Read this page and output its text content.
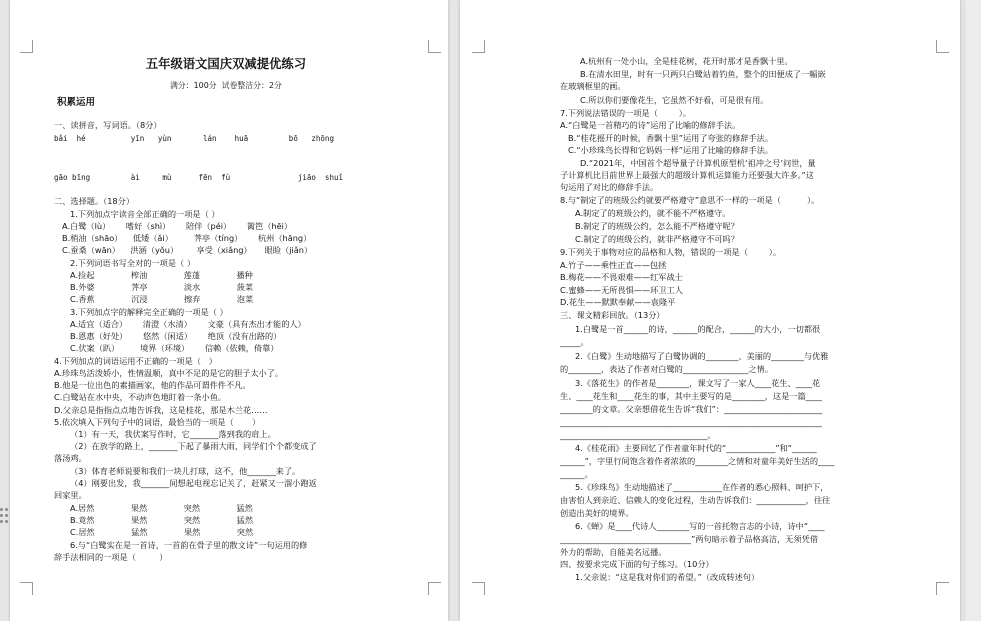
五年级语文国庆双减提优练习
满分：100分  试卷整洁分：2分
积累运用
一、读拼音，写词语。（8分）
bǎi  hé          yīn   yùn       lán    huā         bō   zhōng
gāo bīng         ài     mù      fēn  fù               jiāo  shuǐ
二、选择题。（18分）
1.下列加点字读音全部正确的一项是（ ）
A.白鹭（lù）      嗜好（shì）      陪伴（péi）      篱笆（hēi）
B.梢油（shāo）    低矮（ǎi）        荠亭（tíng）      杭州（hāng）
C.蚕桑（wān）    洪涵（yǒu）       享受（xiǎng）     眼睑（jiǎn）
2.下列词语书写全对的一项是（ ）
A.捡起              榨油              莲蓬              播种
B.外婆              荠亭              淡水              菠菜
C.香蕉              沉浸              擦弃              泡菜
3.下列加点字的解释完全正确的一项是（ ）
A.适宜（适合）      清澄（水清）      文豪（具有杰出才能的人）
B.恩惠（好处）      悠然（闲适）      绝顶（没有出路的）
C.伏案（趴）        境界（环境）      信赖（依赖，倚靠）
4.下列加点的词语运用不正确的一项是（   ）
A.珍珠鸟活泼娇小，性情温顺，真中不足的是它的胆子太小了。
B.他是一位出色的素描画家，他的作品可谓件件不凡。
C.白鹭站在水中央，不动声色地盯着一条小鱼。
D.父亲总是指指点点地告诉我，这是桂花，那是木兰花……
5.依次填入下列句子中的词语，最恰当的一项是（       ）
（1）有一天，我伏案写作时，它_______落到我的肩上。
（2）在放学的路上，_______下起了暴雨大雨，同学们个个都变成了
落汤鸡。
（3）体育老师说要和我们一块儿打球，这不，他_______来了。
（4）刚要出发，我_______间想起电视忘记关了，赶紧又一溜小跑返
回家里。
A.居然              果然              突然              猛然
B.竟然              果然              突然              猛然
C.居然              猛然              果然              突然
6.与“白鹭实在是一首诗，一首韵在骨子里的散文诗”一句运用的修
辞手法相同的一项是（         ）
A.杭州有一处小山，全是桂花树，花开时那才是香飘十里。
B.在清水田里，时有一只两只白鹭站着钓鱼，整个的田便成了一幅嵌
在玻璃框里的画。
C.所以你们要像花生，它虽然不好看，可是很有用。
7.下列说法错误的一项是（        ）。
A.“白鹭是一首精巧的诗”运用了比喻的修辞手法。
B.“桂花摇开的时候，香飘十里”运用了夸张的修辞手法。
C.“小珍珠鸟长得和它妈妈一样”运用了比喻的修辞手法。
D.“2021年，中国首个超导量子计算机原型机‘祖冲之号’问世，量
子计算机比目前世界上最强大的超级计算机运算能力还要强大许多。”这
句运用了对比的修辞手法。
8.与“制定了的班级公约就要严格遵守”意思不一样的一项是（          ）。
A.制定了的班级公约，就不能不严格遵守。
B.制定了的班级公约，怎么能不严格遵守呢？
C.制定了的班级公约，就非严格遵守不可吗？
9.下列关于事物对应的品格和人物，错误的一项是（        ）。
A.竹子——乘性正直——包拯
B.梅花——不畏艰难——红军战士
C.蜜蜂——无所畏惧——环卫工人
D.花生——默默奉献——袁隆平
三、课文精彩回放。（13分）
1.白鹭是一首______的诗，______的配合，______的大小，一切都很
_____。
2.《白鹭》生动地描写了白鹭协调的________、美丽的________与优雅
的________，表达了作者对白鹭的________________之情。
3.《落花生》的作者是________，课文写了一家人____花生、____花
生、____花生和____花生的事，其中主要写的是________，这是一篇____
________的文章。父亲想借花生告诉“我们”：________________________
________________________________________________________________
____________________________________。
4.《桂花雨》主要回忆了作者童年时代的“____________”和“______
______”，字里行间饱含着作者浓浓的________之情和对童年美好生活的____
______。
5.《珍珠鸟》生动地描述了____________在作者的悉心照料、呵护下，
由害怕人到亲近、信赖人的变化过程，生动告诉我们：____________，往往
创造出美好的境界。
6.《蝉》是____代诗人________写的一首托物言志的小诗，诗中“____
________________________________”两句暗示着子品格高洁，无须凭借
外力的帮助，自能美名远播。
四、按要求完成下面的句子练习。（10分）
1.父亲说：“这是我对你们的希望。”（改成转述句）
